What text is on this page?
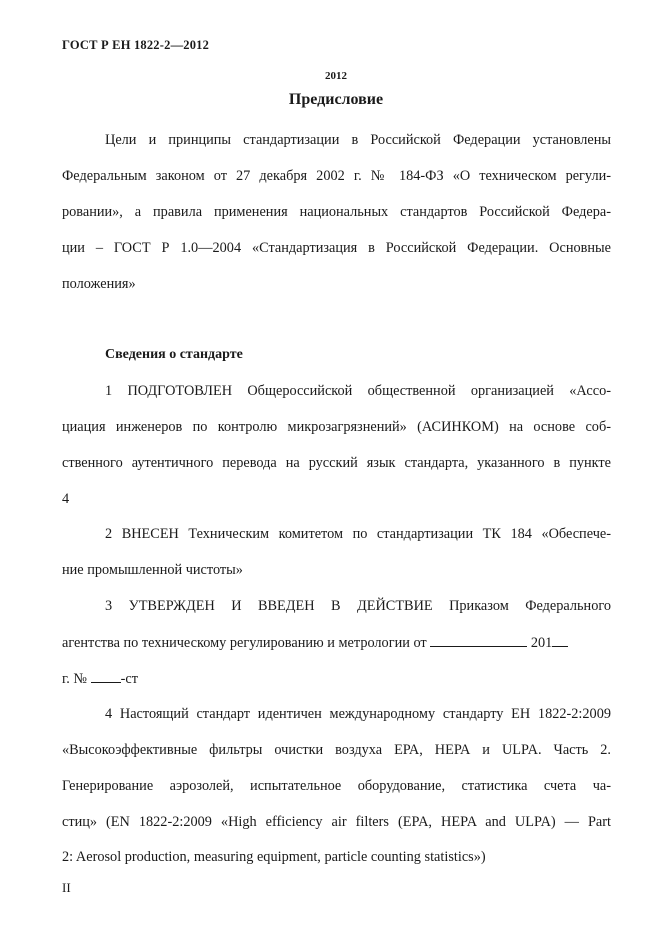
ГОСТ Р ЕН 1822-2—2012
2012
Предисловие
Цели и принципы стандартизации в Российской Федерации установлены
Федеральным законом от 27 декабря 2002 г. № 184-ФЗ «О техническом регули-
ровании», а правила применения национальных стандартов Российской Федера-
ции – ГОСТ Р 1.0—2004 «Стандартизация в Российской Федерации. Основные
положения»
Сведения о стандарте
1 ПОДГОТОВЛЕН Общероссийской общественной организацией «Ассо-
циация инженеров по контролю микрозагрязнений» (АСИНКОМ) на основе соб-
ственного аутентичного перевода на русский язык стандарта, указанного в пункте
4
2 ВНЕСЕН Техническим комитетом по стандартизации ТК 184 «Обеспече-
ние промышленной чистоты»
3 УТВЕРЖДЕН И ВВЕДЕН В ДЕЙСТВИЕ Приказом Федерального
агентства по техническому регулированию и метрологии от	201
г. № -ст
4 Настоящий стандарт идентичен международному стандарту ЕН 1822-2:2009
«Высокоэффективные фильтры очистки воздуха ЕРА, НЕРА и ULPA. Часть 2.
Генерирование аэрозолей, испытательное оборудование, статистика счета ча-
стиц» (EN 1822-2:2009 «High efficiency air filters (EPA, HEPA and ULPA) — Part
2: Aerosol production, measuring equipment, particle counting statistics»)
II
